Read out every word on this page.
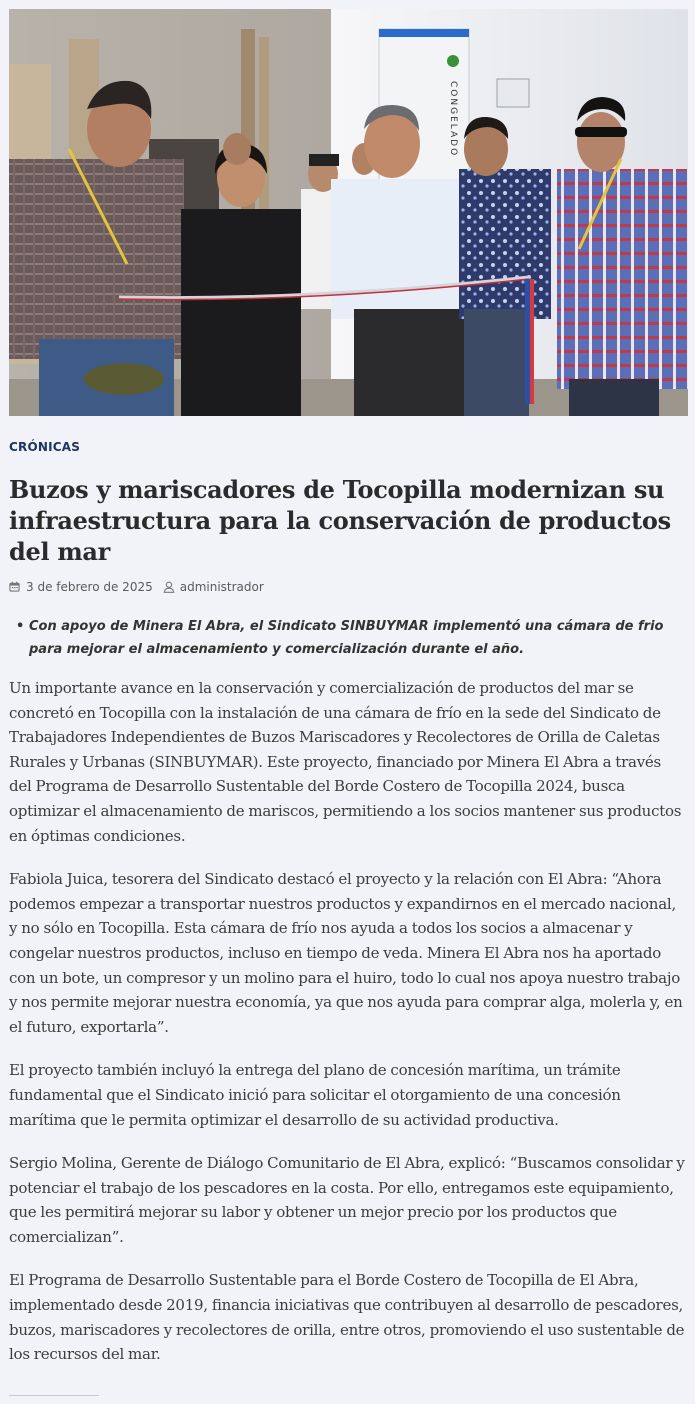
CONGELADO
CRÓNICAS
Buzos y mariscadores de Tocopilla modernizan su infraestructura para la conservación de productos del mar
3 de febrero de 2025 administrador
• Con apoyo de Minera El Abra, el Sindicato SINBUYMAR implementó una cámara de frio para mejorar el almacenamiento y comercialización durante el año.

Un importante avance en la conservación y comercialización de productos del mar se concretó en Tocopilla con la instalación de una cámara de frío en la sede del Sindicato de Trabajadores Independientes de Buzos Mariscadores y Recolectores de Orilla de Caletas Rurales y Urbanas (SINBUYMAR). Este proyecto, financiado por Minera El Abra a través del Programa de Desarrollo Sustentable del Borde Costero de Tocopilla 2024, busca optimizar el almacenamiento de mariscos, permitiendo a los socios mantener sus productos en óptimas condiciones.

Fabiola Juica, tesorera del Sindicato destacó el proyecto y la relación con El Abra: “Ahora podemos empezar a transportar nuestros productos y expandirnos en el mercado nacional, y no sólo en Tocopilla. Esta cámara de frío nos ayuda a todos los socios a almacenar y congelar nuestros productos, incluso en tiempo de veda. Minera El Abra nos ha aportado con un bote, un compresor y un molino para el huiro, todo lo cual nos apoya nuestro trabajo y nos permite mejorar nuestra economía, ya que nos ayuda para comprar alga, molerla y, en el futuro, exportarla”.

El proyecto también incluyó la entrega del plano de concesión marítima, un trámite fundamental que el Sindicato inició para solicitar el otorgamiento de una concesión marítima que le permita optimizar el desarrollo de su actividad productiva.

Sergio Molina, Gerente de Diálogo Comunitario de El Abra, explicó: “Buscamos consolidar y potenciar el trabajo de los pescadores en la costa. Por ello, entregamos este equipamiento, que les permitirá mejorar su labor y obtener un mejor precio por los productos que comercializan”.

El Programa de Desarrollo Sustentable para el Borde Costero de Tocopilla de El Abra, implementado desde 2019, financia iniciativas que contribuyen al desarrollo de pescadores, buzos, mariscadores y recolectores de orilla, entre otros, promoviendo el uso sustentable de los recursos del mar.
